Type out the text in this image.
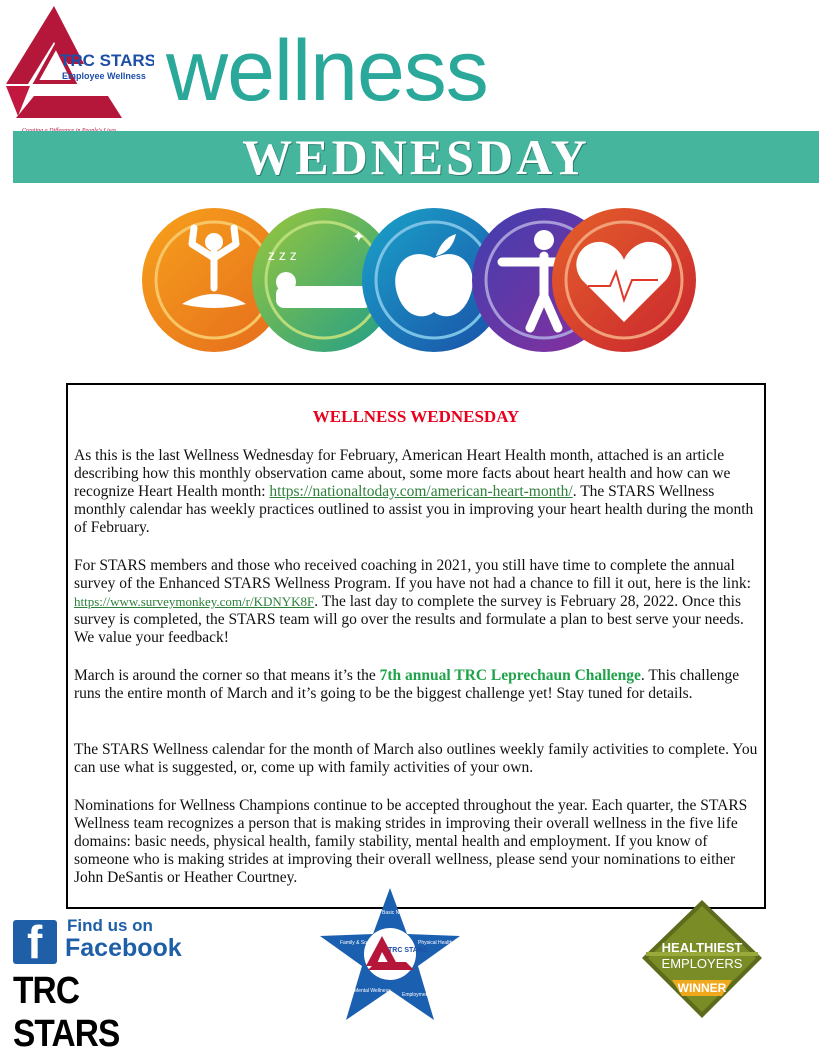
TRC STARS
Employee Wellness wellness
WEDNESDAY
z z z
✦
WELLNESS WEDNESDAY

As this is the last Wellness Wednesday for February, American Heart Health month, attached is an article describing how this monthly observation came about, some more facts about heart health and how can we recognize Heart Health month: https://nationaltoday.com/american-heart-month/. The STARS Wellness monthly calendar has weekly practices outlined to assist you in improving your heart health during the month of February.

For STARS members and those who received coaching in 2021, you still have time to complete the annual survey of the Enhanced STARS Wellness Program. If you have not had a chance to fill it out, here is the link: https://www.surveymonkey.com/r/KDNYK8F. The last day to complete the survey is February 28, 2022. Once this survey is completed, the STARS team will go over the results and formulate a plan to best serve your needs. We value your feedback!

March is around the corner so that means it’s the 7th annual TRC Leprechaun Challenge. This challenge runs the entire month of March and it’s going to be the biggest challenge yet! Stay tuned for details.

The STARS Wellness calendar for the month of March also outlines weekly family activities to complete. You can use what is suggested, or, come up with family activities of your own.

Nominations for Wellness Champions continue to be accepted throughout the year. Each quarter, the STARS Wellness team recognizes a person that is making strides in improving their overall wellness in the five life domains: basic needs, physical health, family stability, mental health and employment. If you know of someone who is making strides at improving their overall wellness, please send your nominations to either John DeSantis or Heather Courtney.

f Find us on
Facebook
TRC STARS
TRC STARS
Basic Needs
Family & Social	Physical Health
Mental Wellness
Employment
HEALTHIEST
EMPLOYERS
WINNER
